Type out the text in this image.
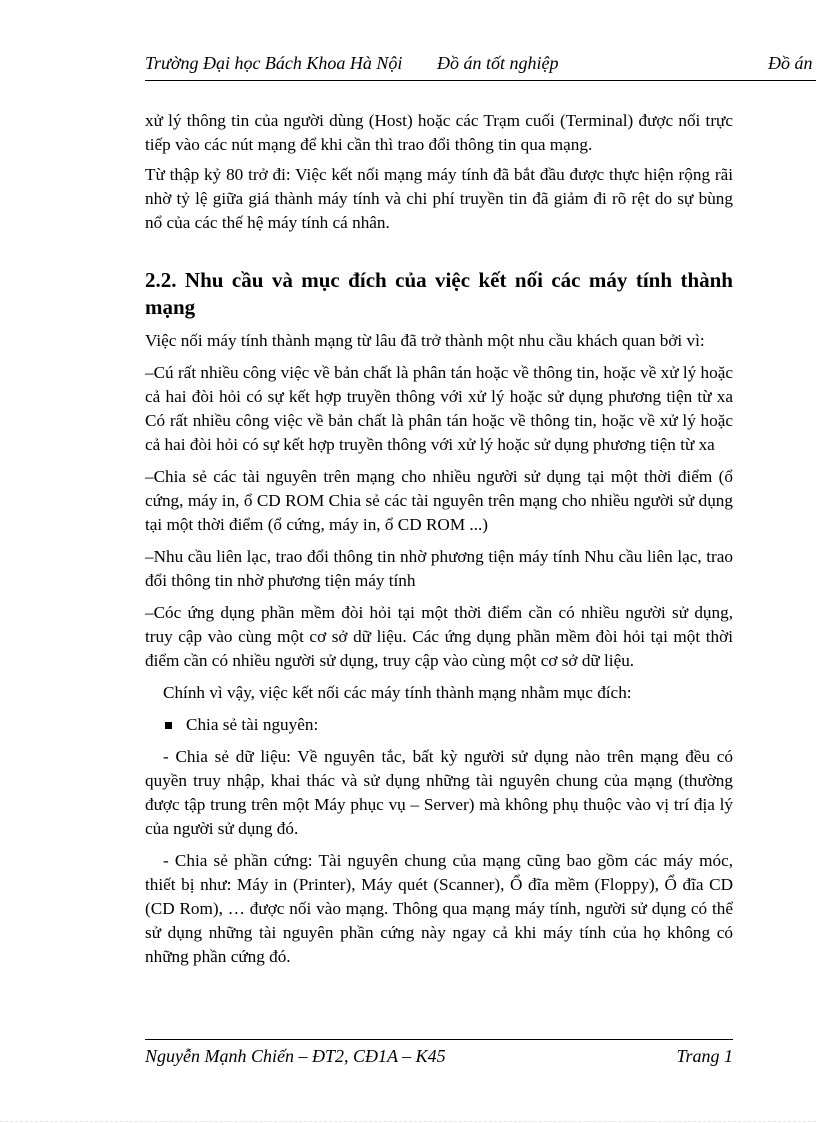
Trường Đại học Bách Khoa Hà Nội Đồ án tốt nghiệp	Đồ án

xử lý thông tin của người dùng (Host) hoặc các Trạm cuối (Terminal) được nối trực tiếp vào các nút mạng để khi cần thì trao đổi thông tin qua mạng.

Từ thập kỷ 80 trở đi: Việc kết nối mạng máy tính đã bắt đầu được thực hiện rộng rãi nhờ tỷ lệ giữa giá thành máy tính và chi phí truyền tin đã giảm đi rõ rệt do sự bùng nổ của các thế hệ máy tính cá nhân.

2.2. Nhu cầu và mục đích của việc kết nối các máy tính thành mạng

Việc nối máy tính thành mạng từ lâu đã trở thành một nhu cầu khách quan bởi vì:

–Cú rất nhiều công việc về bản chất là phân tán hoặc về thông tin, hoặc về xử lý hoặc cả hai đòi hỏi có sự kết hợp truyền thông với xử lý hoặc sử dụng phương tiện từ xa Có rất nhiều công việc về bản chất là phân tán hoặc về thông tin, hoặc về xử lý hoặc cả hai đòi hỏi có sự kết hợp truyền thông với xử lý hoặc sử dụng phương tiện từ xa

–Chia sẻ các tài nguyên trên mạng cho nhiều người sử dụng tại một thời điểm (ổ cứng, máy in, ổ CD ROM Chia sẻ các tài nguyên trên mạng cho nhiều người sử dụng tại một thời điểm (ổ cứng, máy in, ổ CD ROM ...)

–Nhu cầu liên lạc, trao đổi thông tin nhờ phương tiện máy tính Nhu cầu liên lạc, trao đổi thông tin nhờ phương tiện máy tính

–Cóc ứng dụng phần mềm đòi hỏi tại một thời điểm cần có nhiều người sử dụng, truy cập vào cùng một cơ sở dữ liệu. Các ứng dụng phần mềm đòi hỏi tại một thời điểm cần có nhiều người sử dụng, truy cập vào cùng một cơ sở dữ liệu.

Chính vì vậy, việc kết nối các máy tính thành mạng nhằm mục đích:

Chia sẻ tài nguyên:

- Chia sẻ dữ liệu: Về nguyên tắc, bất kỳ người sử dụng nào trên mạng đều có quyền truy nhập, khai thác và sử dụng những tài nguyên chung của mạng (thường được tập trung trên một Máy phục vụ – Server) mà không phụ thuộc vào vị trí địa lý của người sử dụng đó.

- Chia sẻ phần cứng: Tài nguyên chung của mạng cũng bao gồm các máy móc, thiết bị như: Máy in (Printer), Máy quét (Scanner), Ổ đĩa mềm (Floppy), Ổ đĩa CD (CD Rom), … được nối vào mạng. Thông qua mạng máy tính, người sử dụng có thể sử dụng những tài nguyên phần cứng này ngay cả khi máy tính của họ không có những phần cứng đó.

Nguyễn Mạnh Chiến – ĐT2, CĐ1A – K45	Trang 1
